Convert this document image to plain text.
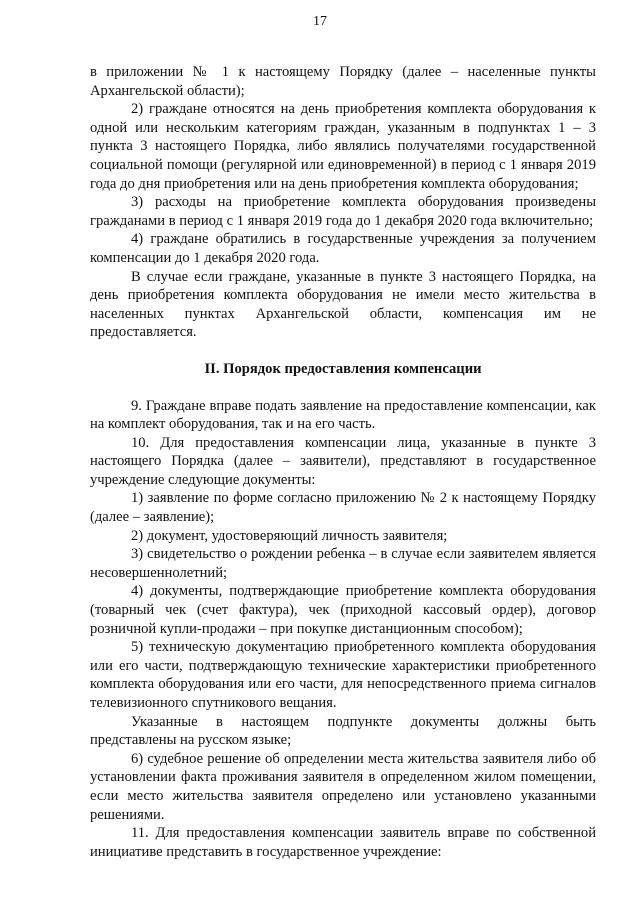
17

в приложении № 1 к настоящему Порядку (далее – населенные пункты Архангельской области);

2) граждане относятся на день приобретения комплекта оборудования к одной или нескольким категориям граждан, указанным в подпунктах 1 – 3 пункта 3 настоящего Порядка, либо являлись получателями государственной социальной помощи (регулярной или единовременной) в период с 1 января 2019 года до дня приобретения или на день приобретения комплекта оборудования;

3) расходы на приобретение комплекта оборудования произведены гражданами в период с 1 января 2019 года до 1 декабря 2020 года включительно;

4) граждане обратились в государственные учреждения за получением компенсации до 1 декабря 2020 года.

В случае если граждане, указанные в пункте 3 настоящего Порядка, на день приобретения комплекта оборудования не имели место жительства в населенных пунктах Архангельской области, компенсация им не предоставляется.

II. Порядок предоставления компенсации

9. Граждане вправе подать заявление на предоставление компенсации, как на комплект оборудования, так и на его часть.

10. Для предоставления компенсации лица, указанные в пункте 3 настоящего Порядка (далее – заявители), представляют в государственное учреждение следующие документы:

1) заявление по форме согласно приложению № 2 к настоящему Порядку (далее – заявление);

2) документ, удостоверяющий личность заявителя;

3) свидетельство о рождении ребенка – в случае если заявителем является несовершеннолетний;

4) документы, подтверждающие приобретение комплекта оборудования (товарный чек (счет фактура), чек (приходной кассовый ордер), договор розничной купли-продажи – при покупке дистанционным способом);

5) техническую документацию приобретенного комплекта оборудования или его части, подтверждающую технические характеристики приобретенного комплекта оборудования или его части, для непосредственного приема сигналов телевизионного спутникового вещания.

Указанные в настоящем подпункте документы должны быть представлены на русском языке;

6) судебное решение об определении места жительства заявителя либо об установлении факта проживания заявителя в определенном жилом помещении, если место жительства заявителя определено или установлено указанными решениями.

11. Для предоставления компенсации заявитель вправе по собственной инициативе представить в государственное учреждение:
